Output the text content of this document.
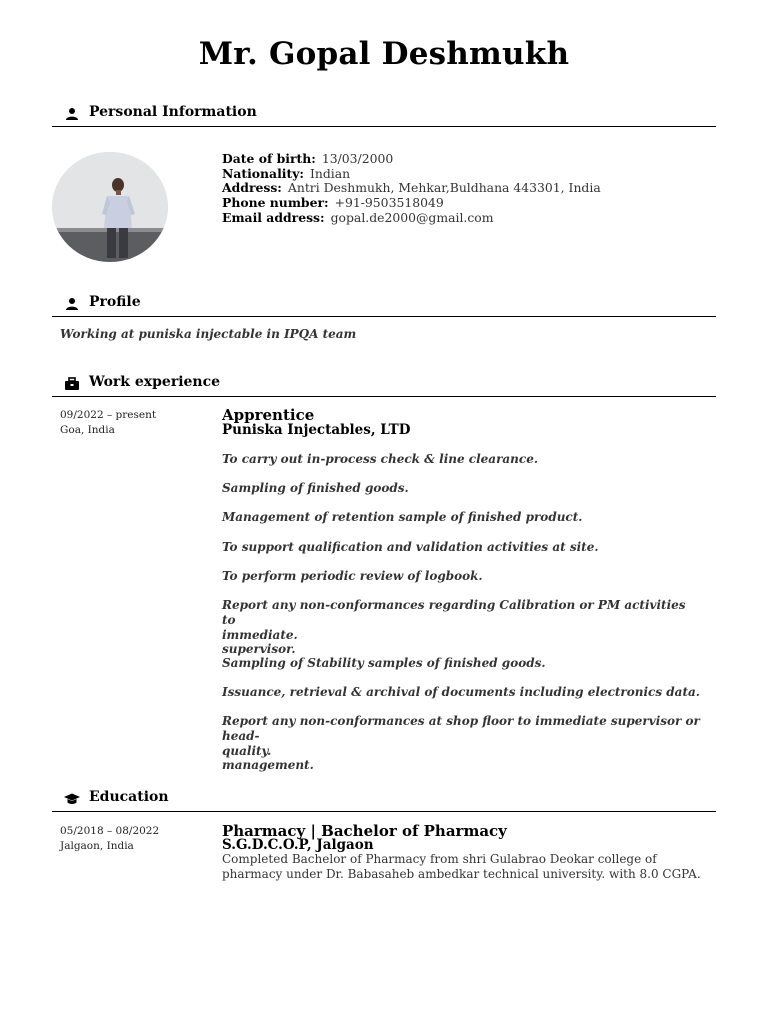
Mr. Gopal Deshmukh
Personal Information
Date of birth: 13/03/2000
Nationality: Indian
Address: Antri Deshmukh, Mehkar,Buldhana 443301, India
Phone number: +91-9503518049
Email address: gopal.de2000@gmail.com
Profile
Working at puniska injectable in IPQA team
Work experience
09/2022 – present
Goa, India
Apprentice
Puniska Injectables, LTD
To carry out in-process check & line clearance.
Sampling of finished goods.
Management of retention sample of finished product.
To support qualification and validation activities at site.
To perform periodic review of logbook.
Report any non-conformances regarding Calibration or PM activities to
immediate.
supervisor.
Sampling of Stability samples of finished goods.
Issuance, retrieval & archival of documents including electronics data.
Report any non-conformances at shop floor to immediate supervisor or head-
quality.
management.
Education
05/2018 – 08/2022
Jalgaon, India
Pharmacy | Bachelor of Pharmacy
S.G.D.C.O.P, Jalgaon
Completed Bachelor of Pharmacy from shri Gulabrao Deokar college of pharmacy under Dr. Babasaheb ambedkar technical university. with 8.0 CGPA.
